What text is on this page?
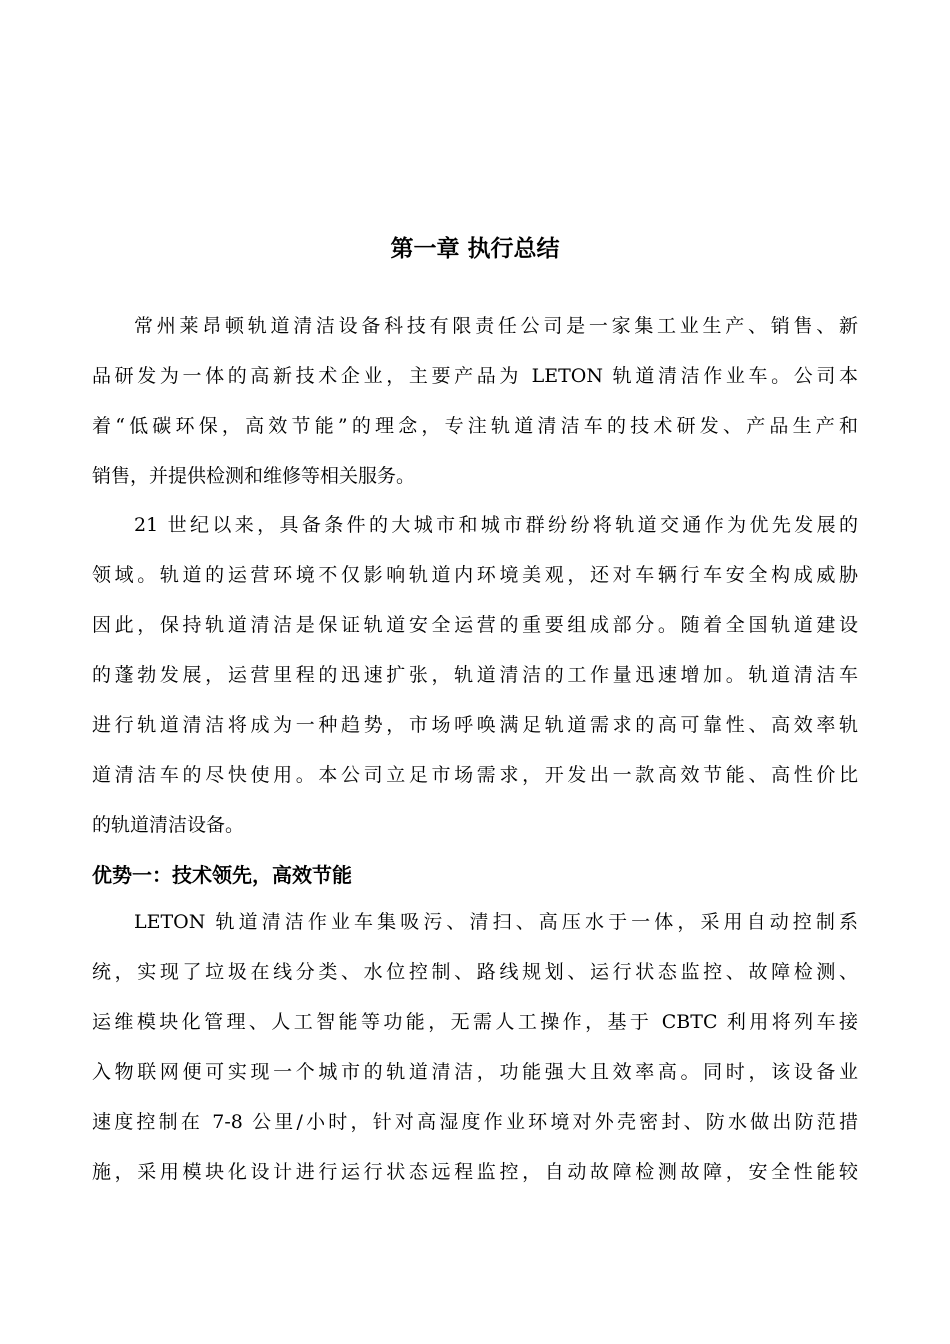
第一章 执行总结
常州莱昂顿轨道清洁设备科技有限责任公司是一家集工业生产、销售、新
品研发为一体的高新技术企业，主要产品为 LETON 轨道清洁作业车。公司本
着“低碳环保，高效节能”的理念，专注轨道清洁车的技术研发、产品生产和
销售，并提供检测和维修等相关服务。
21 世纪以来，具备条件的大城市和城市群纷纷将轨道交通作为优先发展的
领域。轨道的运营环境不仅影响轨道内环境美观，还对车辆行车安全构成威胁
因此，保持轨道清洁是保证轨道安全运营的重要组成部分。随着全国轨道建设
的蓬勃发展，运营里程的迅速扩张，轨道清洁的工作量迅速增加。轨道清洁车
进行轨道清洁将成为一种趋势，市场呼唤满足轨道需求的高可靠性、高效率轨
道清洁车的尽快使用。本公司立足市场需求，开发出一款高效节能、高性价比
的轨道清洁设备。
优势一：技术领先，高效节能
LETON 轨道清洁作业车集吸污、清扫、高压水于一体，采用自动控制系
统，实现了垃圾在线分类、水位控制、路线规划、运行状态监控、故障检测、
运维模块化管理、人工智能等功能，无需人工操作，基于 CBTC 利用将列车接
入物联网便可实现一个城市的轨道清洁，功能强大且效率高。同时，该设备业
速度控制在 7-8 公里/小时，针对高湿度作业环境对外壳密封、防水做出防范措
施，采用模块化设计进行运行状态远程监控，自动故障检测故障，安全性能较
